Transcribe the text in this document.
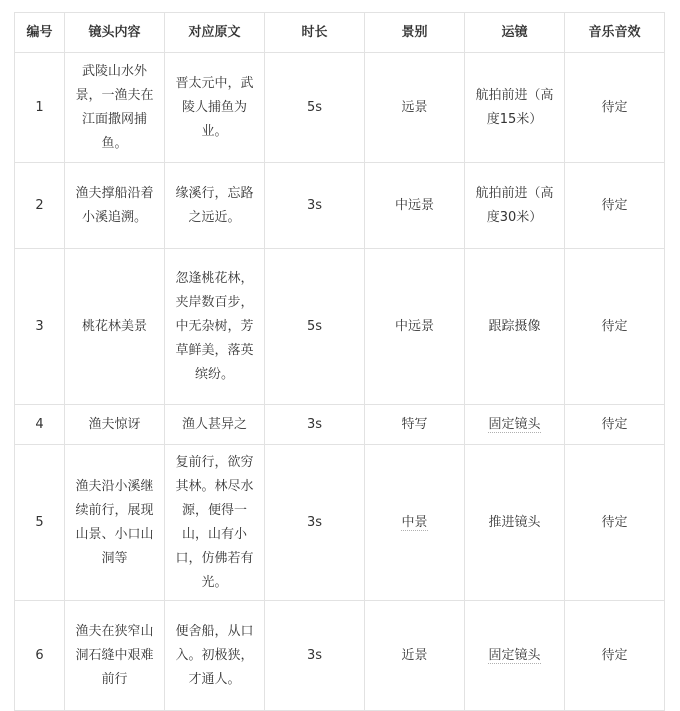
编号	镜头内容	对应原文	时长	景别	运镜	音乐音效
1	武陵山水外景，一渔夫在江面撒网捕鱼。	晋太元中，武陵人捕鱼为业。	5s	远景	航拍前进（高度15米）	待定
2	渔夫撑船沿着小溪追溯。	缘溪行，忘路之远近。	3s	中远景	航拍前进（高度30米）	待定
3	桃花林美景	忽逢桃花林，夹岸数百步，中无杂树，芳草鲜美，落英缤纷。	5s	中远景	跟踪摄像	待定
4	渔夫惊讶	渔人甚异之	3s	特写	固定镜头	待定
5	渔夫沿小溪继续前行，展现山景、小口山洞等	复前行，欲穷其林。林尽水源，便得一山，山有小口，仿佛若有光。	3s	中景	推进镜头	待定
6	渔夫在狭窄山洞石缝中艰难前行	便舍船，从口入。初极狭，才通人。	3s	近景	固定镜头	待定
